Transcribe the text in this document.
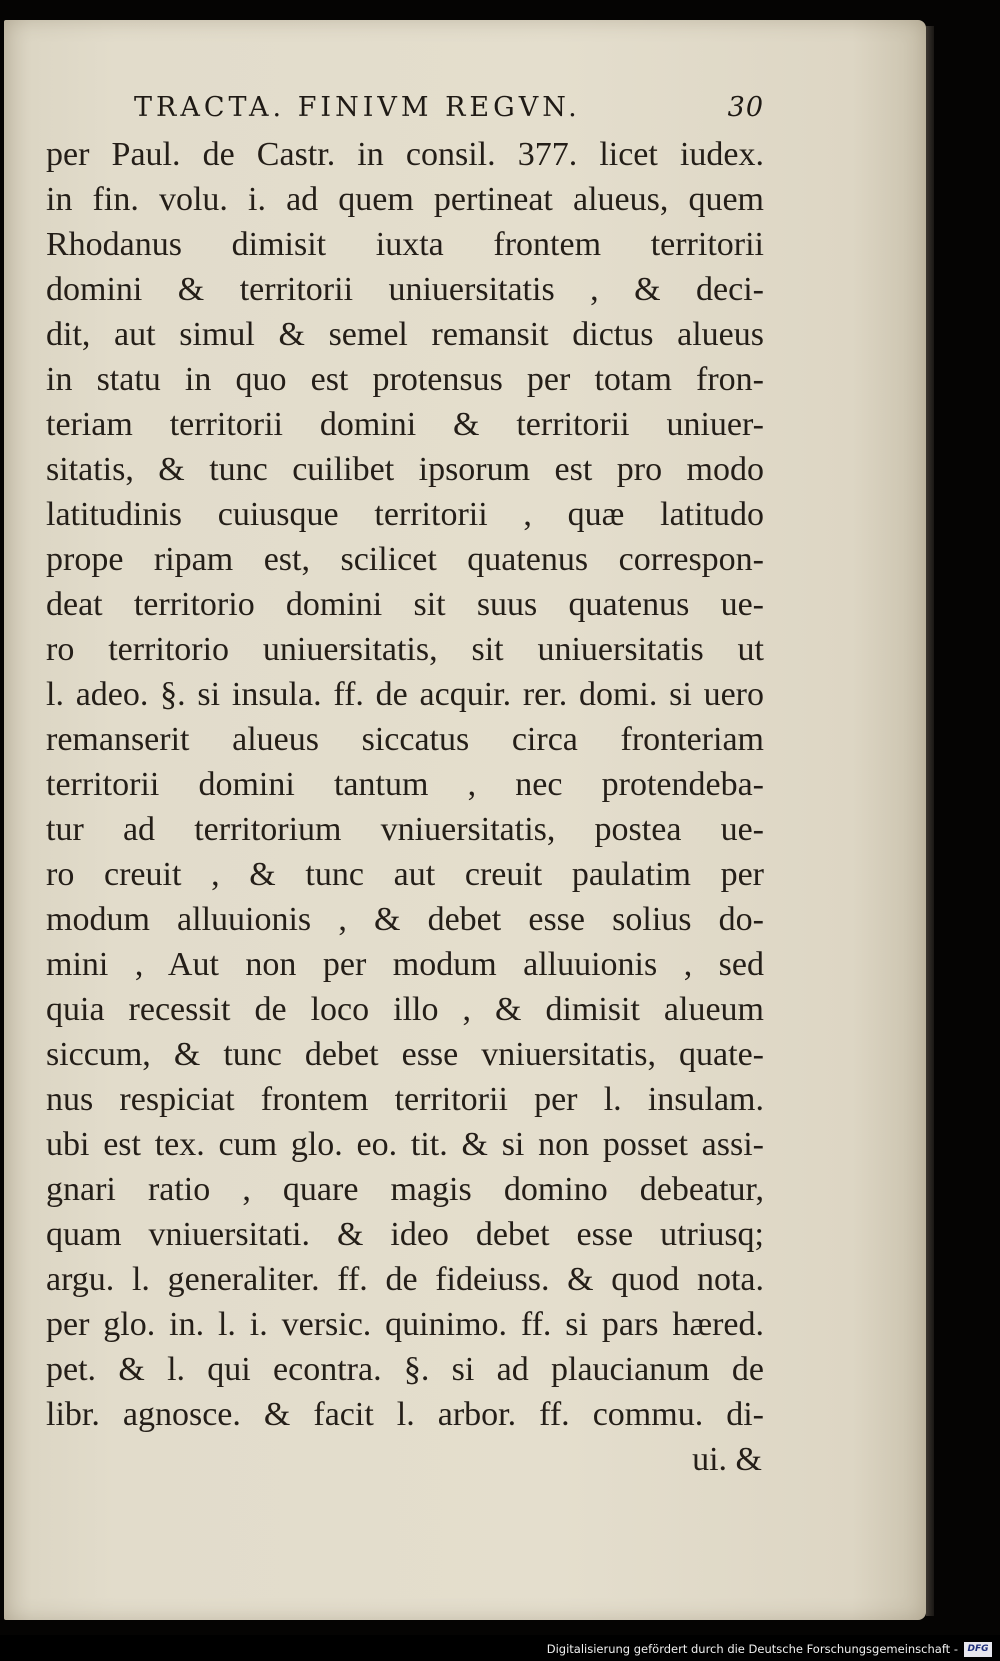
TRACTA. FINIVM REGVN.	30
per Paul. de Castr. in consil. 377. licet iudex.
in fin. volu. i. ad quem pertineat alueus, quem
Rhodanus dimisit iuxta frontem territorii
domini & territorii uniuersitatis , & deci-
dit, aut simul & semel remansit dictus alueus
in statu in quo est protensus per totam fron-
teriam territorii domini & territorii uniuer-
sitatis, & tunc cuilibet ipsorum est pro modo
latitudinis cuiusque territorii , quæ latitudo
prope ripam est, scilicet quatenus correspon-
deat territorio domini sit suus quatenus ue-
ro territorio uniuersitatis, sit uniuersitatis ut
l. adeo. §. si insula. ff. de acquir. rer. domi. si uero
remanserit alueus siccatus circa fronteriam
territorii domini tantum , nec protendeba-
tur ad territorium vniuersitatis, postea ue-
ro creuit , & tunc aut creuit paulatim per
modum alluuionis , & debet esse solius do-
mini , Aut non per modum alluuionis , sed
quia recessit de loco illo , & dimisit alueum
siccum, & tunc debet esse vniuersitatis, quate-
nus respiciat frontem territorii per l. insulam.
ubi est tex. cum glo. eo. tit. & si non posset assi-
gnari ratio , quare magis domino debeatur,
quam vniuersitati. & ideo debet esse utriusq;
argu. l. generaliter. ff. de fideiuss. & quod nota.
per glo. in. l. i. versic. quinimo. ff. si pars hæred.
pet. & l. qui econtra. §. si ad plaucianum de
libr. agnosce. & facit l. arbor. ff. commu. di-
ui. &
Digitalisierung gefördert durch die Deutsche Forschungsgemeinschaft -	DFG
